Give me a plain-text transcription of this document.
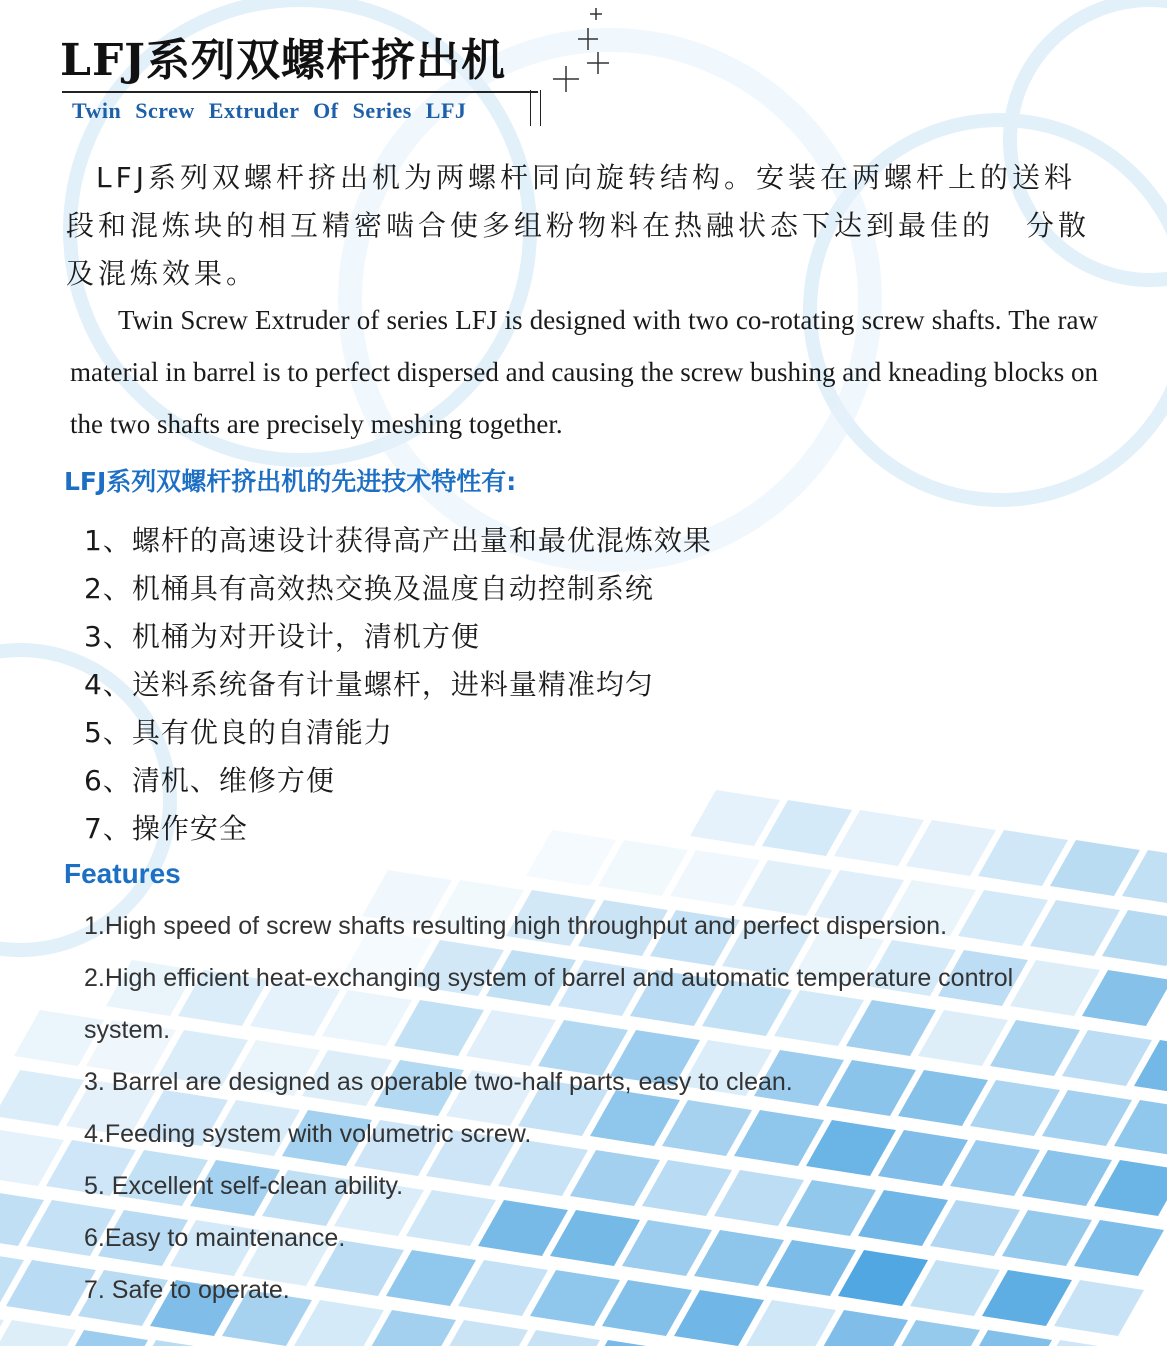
LFJ系列双螺杆挤出机
Twin Screw Extruder Of Series LFJ

LFJ系列双螺杆挤出机为两螺杆同向旋转结构。安装在两螺杆上的送料段和混炼块的相互精密啮合使多组粉物料在热融状态下达到最佳的　分散及混炼效果。

Twin Screw Extruder of series LFJ is designed with two co-rotating screw shafts. The raw material in barrel is to perfect dispersed and causing the screw bushing and kneading blocks on the two shafts are precisely meshing together.

LFJ系列双螺杆挤出机的先进技术特性有:
1、螺杆的高速设计获得高产出量和最优混炼效果
2、机桶具有高效热交换及温度自动控制系统
3、机桶为对开设计，清机方便
4、送料系统备有计量螺杆，进料量精准均匀
5、具有优良的自清能力
6、清机、维修方便
7、操作安全
Features
1.High speed of screw shafts resulting high throughput and perfect dispersion.
2.High efficient heat-exchanging system of barrel and automatic temperature control system.
3. Barrel are designed as operable two-half parts, easy to clean.
4.Feeding system with volumetric screw.
5. Excellent self-clean ability.
6.Easy to maintenance.
7. Safe to operate.
